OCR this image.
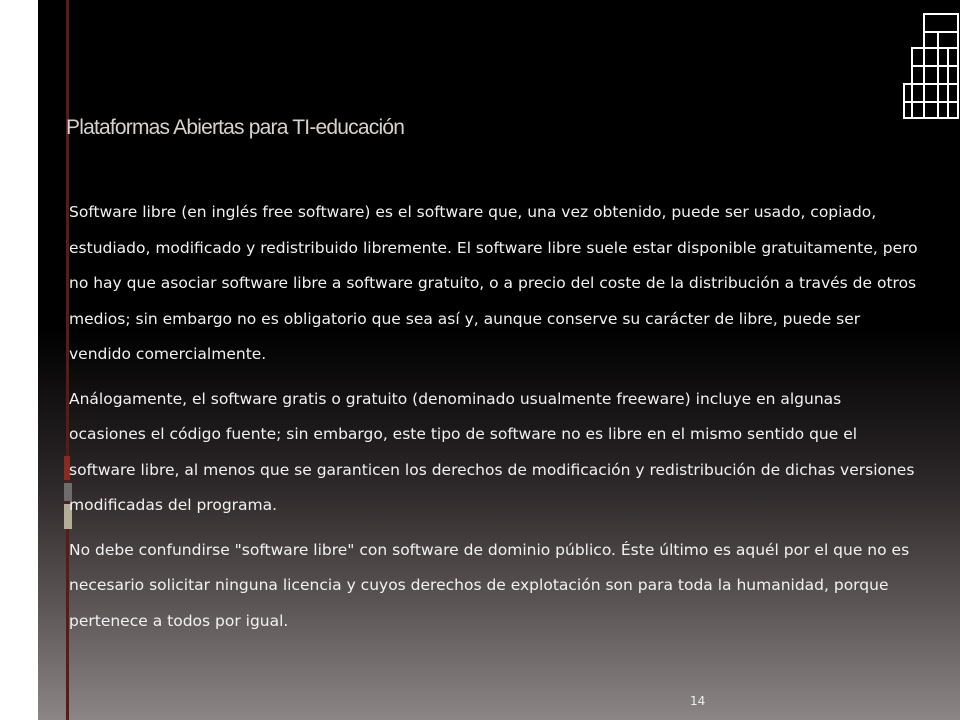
Plataformas Abiertas para TI-educación

Software libre (en inglés free software) es el software que, una vez obtenido, puede ser usado, copiado, estudiado, modificado y redistribuido libremente. El software libre suele estar disponible gratuitamente, pero no hay que asociar software libre a software gratuito, o a precio del coste de la distribución a través de otros medios; sin embargo no es obligatorio que sea así y, aunque conserve su carácter de libre, puede ser vendido comercialmente.

Análogamente, el software gratis o gratuito (denominado usualmente freeware) incluye en algunas ocasiones el código fuente; sin embargo, este tipo de software no es libre en el mismo sentido que el software libre, al menos que se garanticen los derechos de modificación y redistribución de dichas versiones modificadas del programa.

No debe confundirse "software libre" con software de dominio público. Éste último es aquél por el que no es necesario solicitar ninguna licencia y cuyos derechos de explotación son para toda la humanidad, porque pertenece a todos por igual.

14
